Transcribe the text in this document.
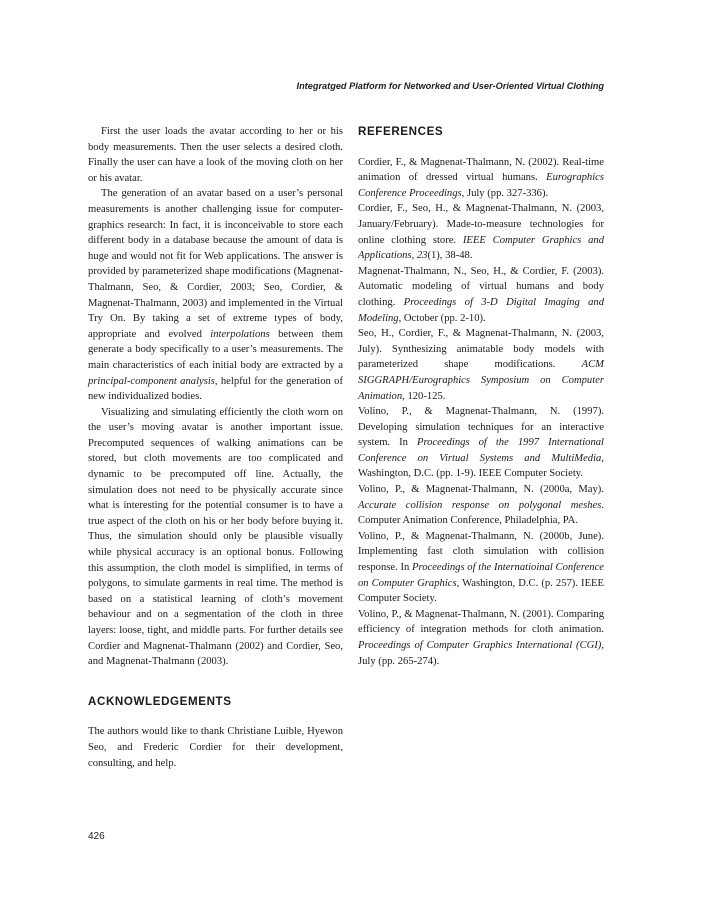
Integratged Platform for Networked and User-Oriented Virtual Clothing

First the user loads the avatar according to her or his body measurements. Then the user selects a desired cloth. Finally the user can have a look of the moving cloth on her or his avatar.

The generation of an avatar based on a user’s personal measurements is another challenging issue for computer-graphics research: In fact, it is inconceivable to store each different body in a database because the amount of data is huge and would not fit for Web applications. The answer is provided by parameterized shape modifications (Magnenat-Thalmann, Seo, & Cordier, 2003; Seo, Cordier, & Magnenat-Thalmann, 2003) and implemented in the Virtual Try On. By taking a set of extreme types of body, appropriate and evolved interpolations between them generate a body specifically to a user’s measurements. The main characteristics of each initial body are extracted by a principal-component analysis, helpful for the generation of new individualized bodies.

Visualizing and simulating efficiently the cloth worn on the user’s moving avatar is another important issue. Precomputed sequences of walking animations can be stored, but cloth movements are too complicated and dynamic to be precomputed off line. Actually, the simulation does not need to be physically accurate since what is interesting for the potential consumer is to have a true aspect of the cloth on his or her body before buying it. Thus, the simulation should only be plausible visually while physical accuracy is an optional bonus. Following this assumption, the cloth model is simplified, in terms of polygons, to simulate garments in real time. The method is based on a statistical learning of cloth’s movement behaviour and on a segmentation of the cloth in three layers: loose, tight, and middle parts. For further details see Cordier and Magnenat-Thalmann (2002) and Cordier, Seo, and Magnenat-Thalmann (2003).

ACKNOWLEDGEMENTS

The authors would like to thank Christiane Luible, Hyewon Seo, and Frederic Cordier for their development, consulting, and help.

REFERENCES

Cordier, F., & Magnenat-Thalmann, N. (2002). Real-time animation of dressed virtual humans. Eurographics Conference Proceedings, July (pp. 327-336).

Cordier, F., Seo, H., & Magnenat-Thalmann, N. (2003, January/February). Made-to-measure technologies for online clothing store. IEEE Computer Graphics and Applications, 23(1), 38-48.

Magnenat-Thalmann, N., Seo, H., & Cordier, F. (2003). Automatic modeling of virtual humans and body clothing. Proceedings of 3-D Digital Imaging and Modeling, October (pp. 2-10).

Seo, H., Cordier, F., & Magnenat-Thalmann, N. (2003, July). Synthesizing animatable body models with parameterized shape modifications. ACM SIGGRAPH/Eurographics Symposium on Computer Animation, 120-125.

Volino, P., & Magnenat-Thalmann, N. (1997). Developing simulation techniques for an interactive system. In Proceedings of the 1997 International Conference on Virtual Systems and MultiMedia, Washington, D.C. (pp. 1-9). IEEE Computer Society.

Volino, P., & Magnenat-Thalmann, N. (2000a, May). Accurate collision response on polygonal meshes. Computer Animation Conference, Philadelphia, PA.

Volino, P., & Magnenat-Thalmann, N. (2000b, June). Implementing fast cloth simulation with collision response. In Proceedings of the Internatioinal Conference on Computer Graphics, Washington, D.C. (p. 257). IEEE Computer Society.

Volino, P., & Magnenat-Thalmann, N. (2001). Comparing efficiency of integration methods for cloth animation. Proceedings of Computer Graphics International (CGI), July (pp. 265-274).

426
